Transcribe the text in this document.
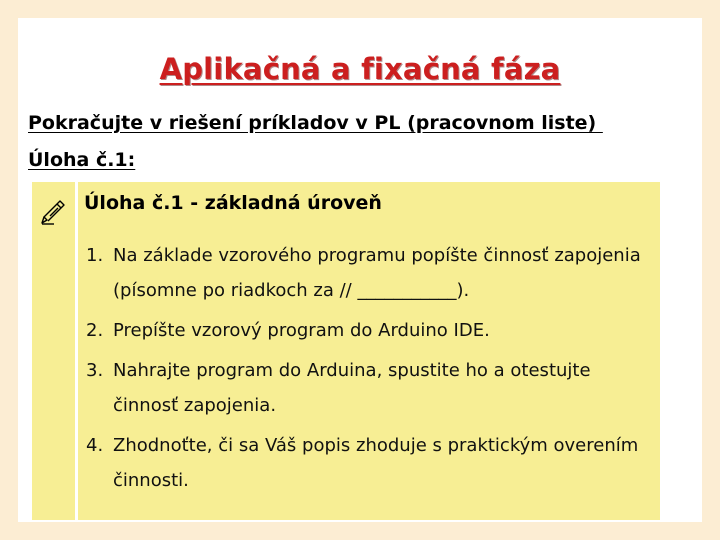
Aplikačná a fixačná fáza
Pokračujte v riešení príkladov v PL (pracovnom liste)
Úloha č.1:
Úloha č.1 - základná úroveň
1. Na základe vzorového programu popíšte činnosť zapojenia (písomne po riadkoch za // ___________).
2. Prepíšte vzorový program do Arduino IDE.
3. Nahrajte program do Arduina, spustite ho a otestujte činnosť zapojenia.
4. Zhodnoťte, či sa Váš popis zhoduje s praktickým overením činnosti.
